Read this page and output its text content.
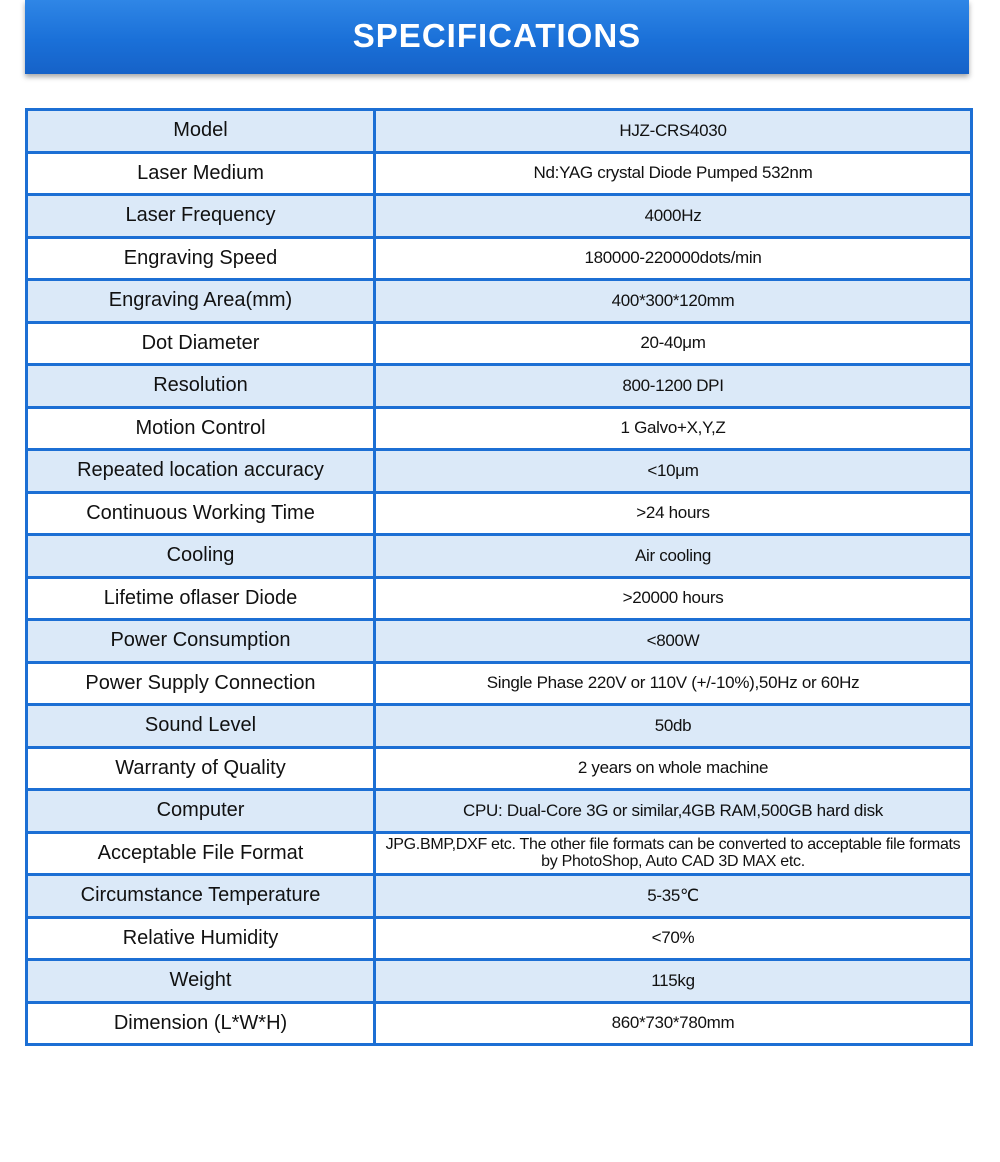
SPECIFICATIONS
Model	HJZ-CRS4030
Laser Medium	Nd:YAG crystal Diode Pumped 532nm
Laser Frequency	4000Hz
Engraving Speed	180000-220000dots/min
Engraving Area(mm)	400*300*120mm
Dot Diameter	20-40μm
Resolution	800-1200 DPI
Motion Control	1 Galvo+X,Y,Z
Repeated location accuracy	<10μm
Continuous Working Time	>24 hours
Cooling	Air cooling
Lifetime oflaser Diode	>20000 hours
Power Consumption	<800W
Power Supply Connection	Single Phase 220V or 110V (+/-10%),50Hz or 60Hz
Sound Level	50db
Warranty of Quality	2 years on whole machine
Computer	CPU: Dual-Core 3G or similar,4GB RAM,500GB hard disk
Acceptable File Format	JPG.BMP,DXF etc. The other file formats can be converted to acceptable file formats by PhotoShop, Auto CAD 3D MAX etc.
Circumstance Temperature	5-35℃
Relative Humidity	<70%
Weight	115kg
Dimension (L*W*H)	860*730*780mm
